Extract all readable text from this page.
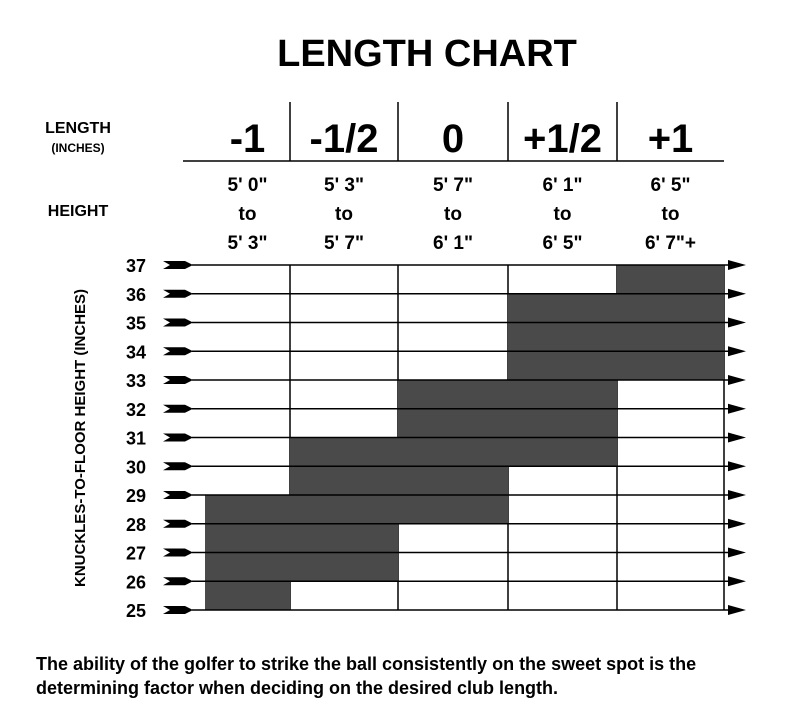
LENGTH CHART
LENGTH
(INCHES)
HEIGHT
KNUCKLES-TO-FLOOR HEIGHT (INCHES)
-1
5' 0"
to
5' 3"
-1/2
5' 3"
to
5' 7"
0
5' 7"
to
6' 1"
+1/2
6' 1"
to
6' 5"
+1
6' 5"
to
6' 7"+
37
36
35
34
33
32
31
30
29
28
27
26
25
The ability of the golfer to strike the ball consistently on the sweet spot is the determining factor when deciding on the desired club length.
